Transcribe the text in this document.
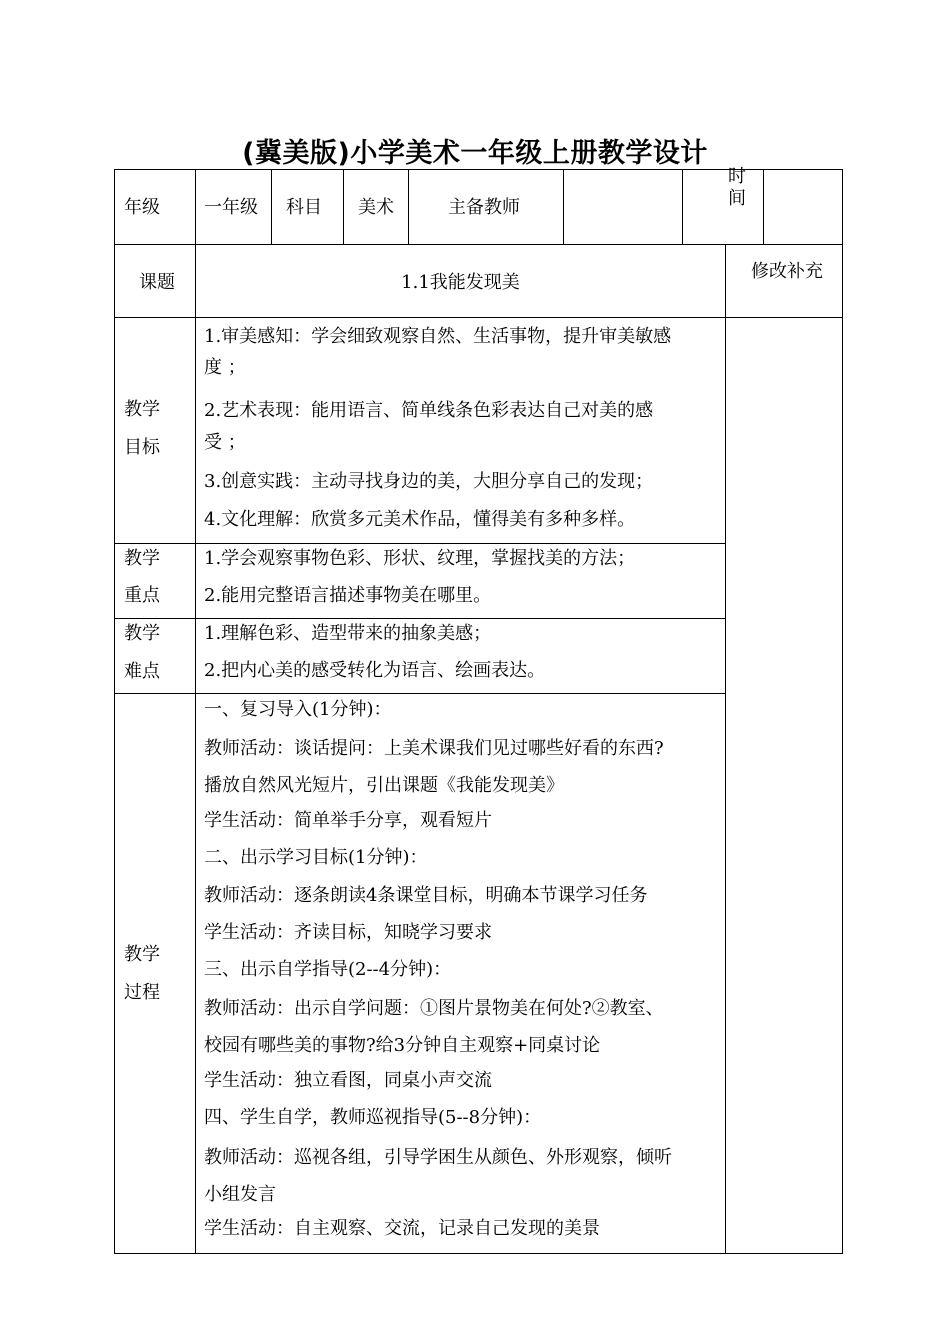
(冀美版)小学美术一年级上册教学设计
年级 一年级 科目 美术	主备教师
时
间
课题	1.1我能发现美
修改补充
教学
目标
1.审美感知：学会细致观察自然、生活事物，提升审美敏感
度 ；
2.艺术表现：能用语言、简单线条色彩表达自己对美的感
受 ；
3.创意实践：主动寻找身边的美，大胆分享自己的发现；
4.文化理解：欣赏多元美术作品，懂得美有多种多样。
教学
重点
1.学会观察事物色彩、形状、纹理，掌握找美的方法；
2.能用完整语言描述事物美在哪里。
教学
难点
1.理解色彩、造型带来的抽象美感；
2.把内心美的感受转化为语言、绘画表达。
教学
过程
一、复习导入(1分钟)：
教师活动：谈话提问：上美术课我们见过哪些好看的东西?
播放自然风光短片，引出课题《我能发现美》
学生活动：简单举手分享，观看短片
二、出示学习目标(1分钟)：
教师活动：逐条朗读4条课堂目标，明确本节课学习任务
学生活动：齐读目标，知晓学习要求
三、出示自学指导(2--4分钟)：
教师活动：出示自学问题：①图片景物美在何处?②教室、
校园有哪些美的事物?给3分钟自主观察+同桌讨论
学生活动：独立看图，同桌小声交流
四、学生自学，教师巡视指导(5--8分钟)：
教师活动：巡视各组，引导学困生从颜色、外形观察，倾听
小组发言
学生活动：自主观察、交流，记录自己发现的美景
